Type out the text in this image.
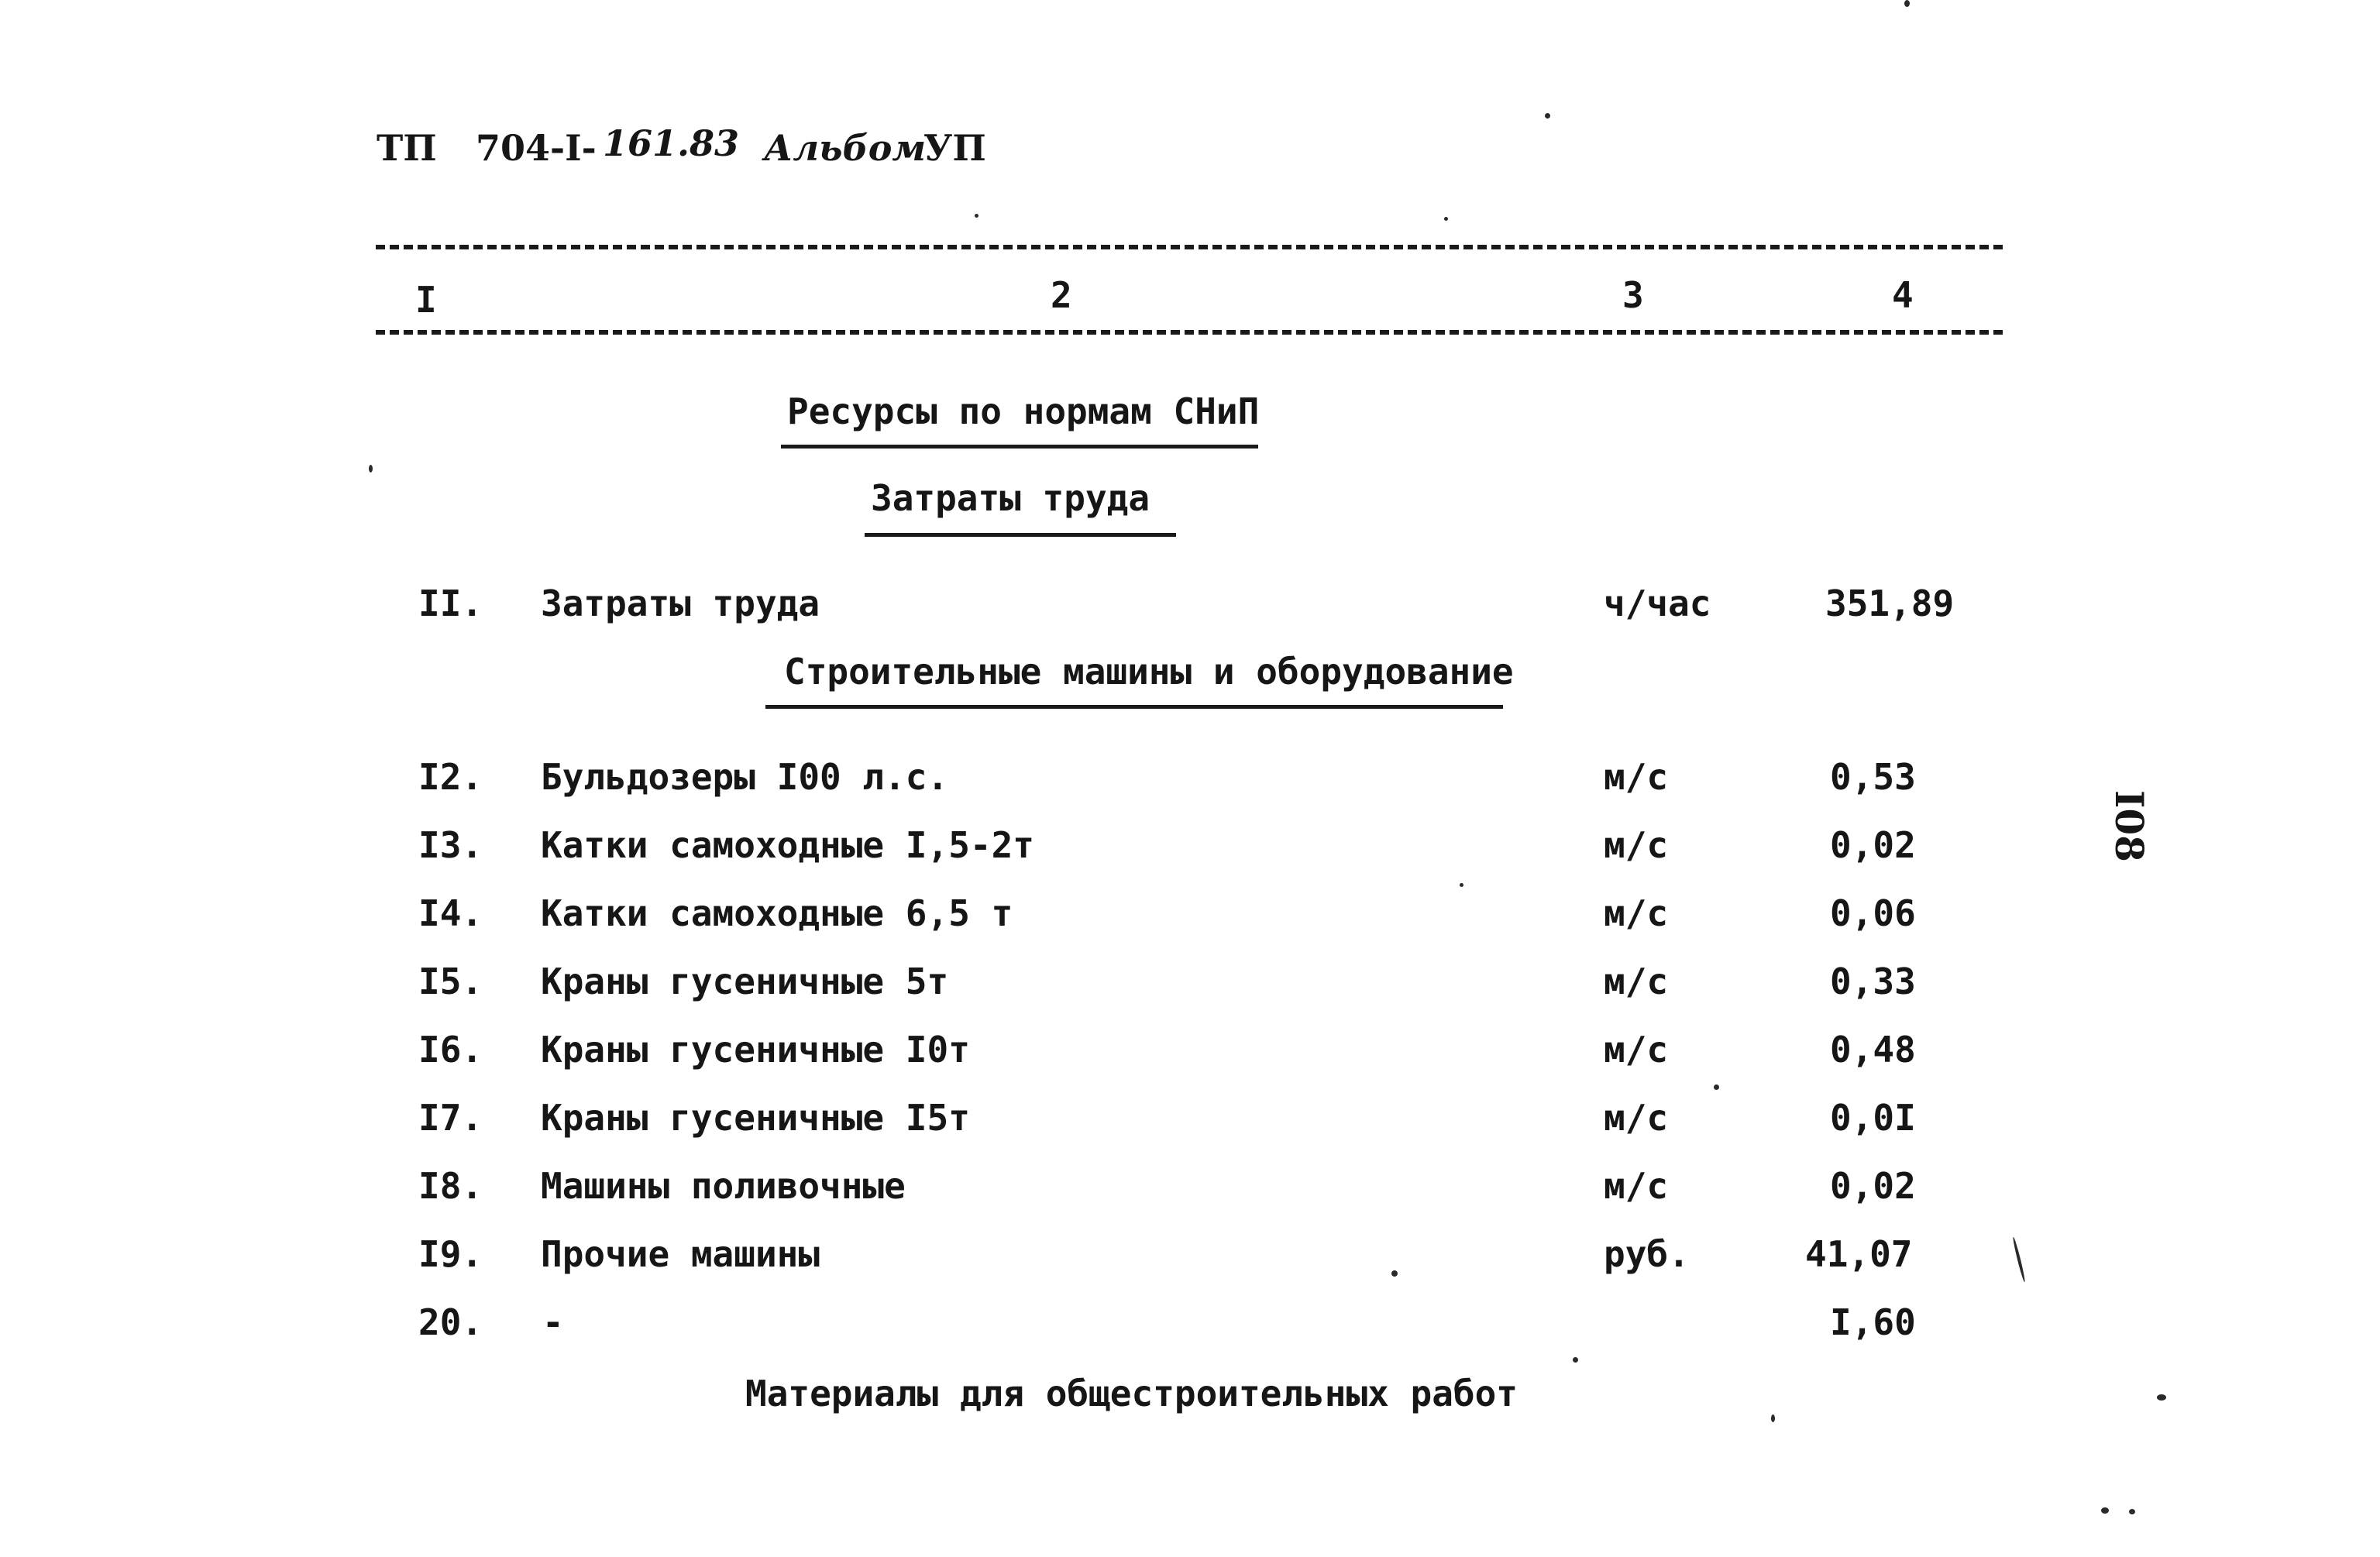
ТП 704-I- 161.83 Альбом
УП
I	2	3	4
Ресурсы по нормам СНиП
Затраты труда
II. Затраты труда	ч/час	351,89
Строительные машины и оборудование
I2. Бульдозеры I00 л.с.	м/с	0,53
I3. Катки самоходные I,5-2т	м/с	0,02
I4. Катки самоходные 6,5 т	м/с	0,06
I5. Краны гусеничные 5т	м/с	0,33
I6. Краны гусеничные I0т	м/с	0,48
I7. Краны гусеничные I5т	м/с	0,0I
I8. Машины поливочные	м/с	0,02
I9. Прочие машины	руб.	41,07
20. -	I,60
Материалы для общестроительных работ
I08
